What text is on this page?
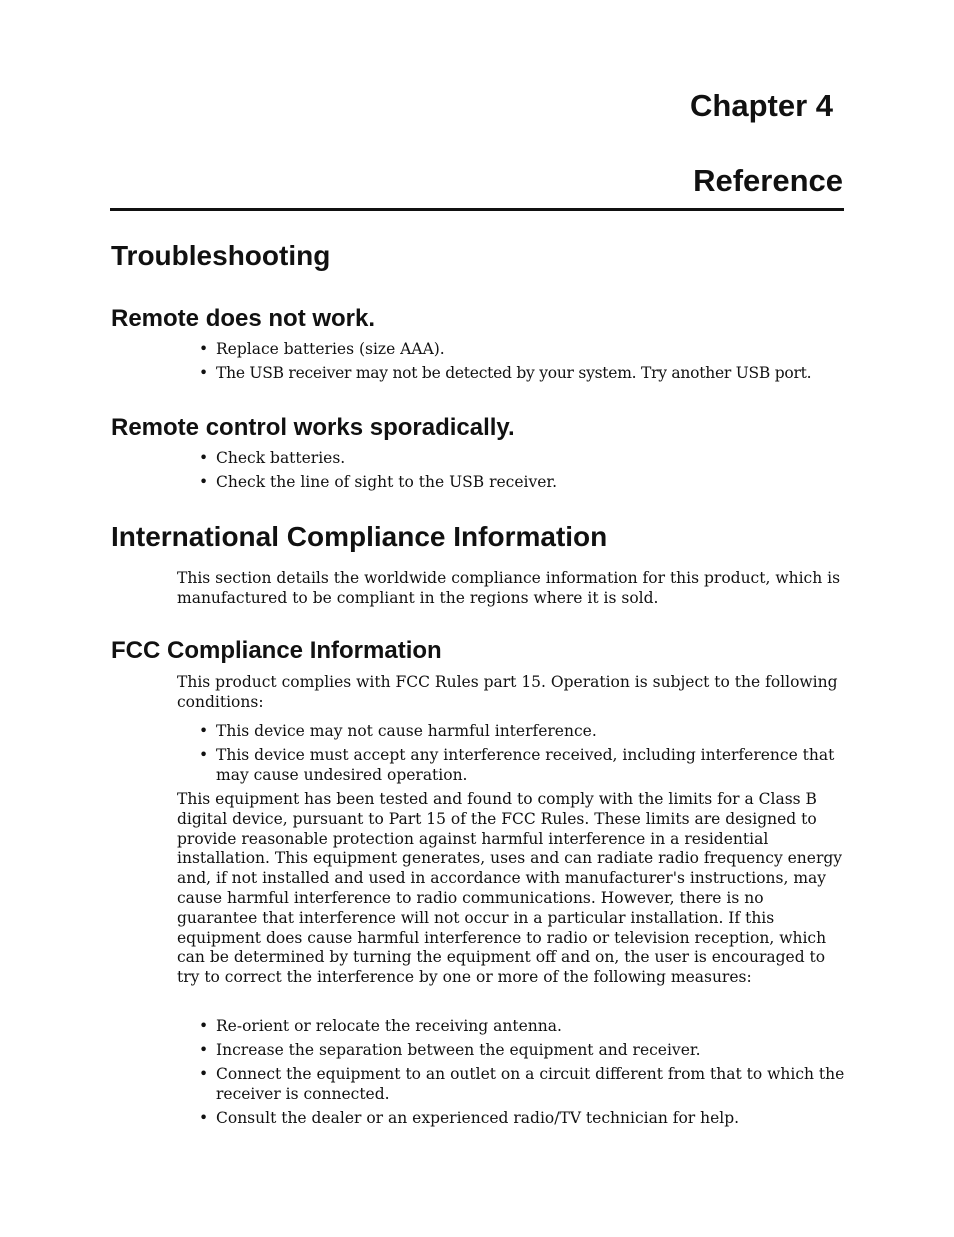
Chapter 4
Reference
Troubleshooting
Remote does not work.
• Replace batteries (size AAA).
• The USB receiver may not be detected by your system. Try another USB port.
Remote control works sporadically.
• Check batteries.
• Check the line of sight to the USB receiver.
International Compliance Information

This section details the worldwide compliance information for this product, which is manufactured to be compliant in the regions where it is sold.

FCC Compliance Information

This product complies with FCC Rules part 15. Operation is subject to the following conditions:

• This device may not cause harmful interference.
• This device must accept any interference received, including interference that may cause undesired operation.

This equipment has been tested and found to comply with the limits for a Class B digital device, pursuant to Part 15 of the FCC Rules. These limits are designed to provide reasonable protection against harmful interference in a residential installation. This equipment generates, uses and can radiate radio frequency energy and, if not installed and used in accordance with manufacturer's instructions, may cause harmful interference to radio communications. However, there is no guarantee that interference will not occur in a particular installation. If this equipment does cause harmful interference to radio or television reception, which can be determined by turning the equipment off and on, the user is encouraged to try to correct the interference by one or more of the following measures:

• Re-orient or relocate the receiving antenna.
• Increase the separation between the equipment and receiver.
• Connect the equipment to an outlet on a circuit different from that to which the receiver is connected.
• Consult the dealer or an experienced radio/TV technician for help.
